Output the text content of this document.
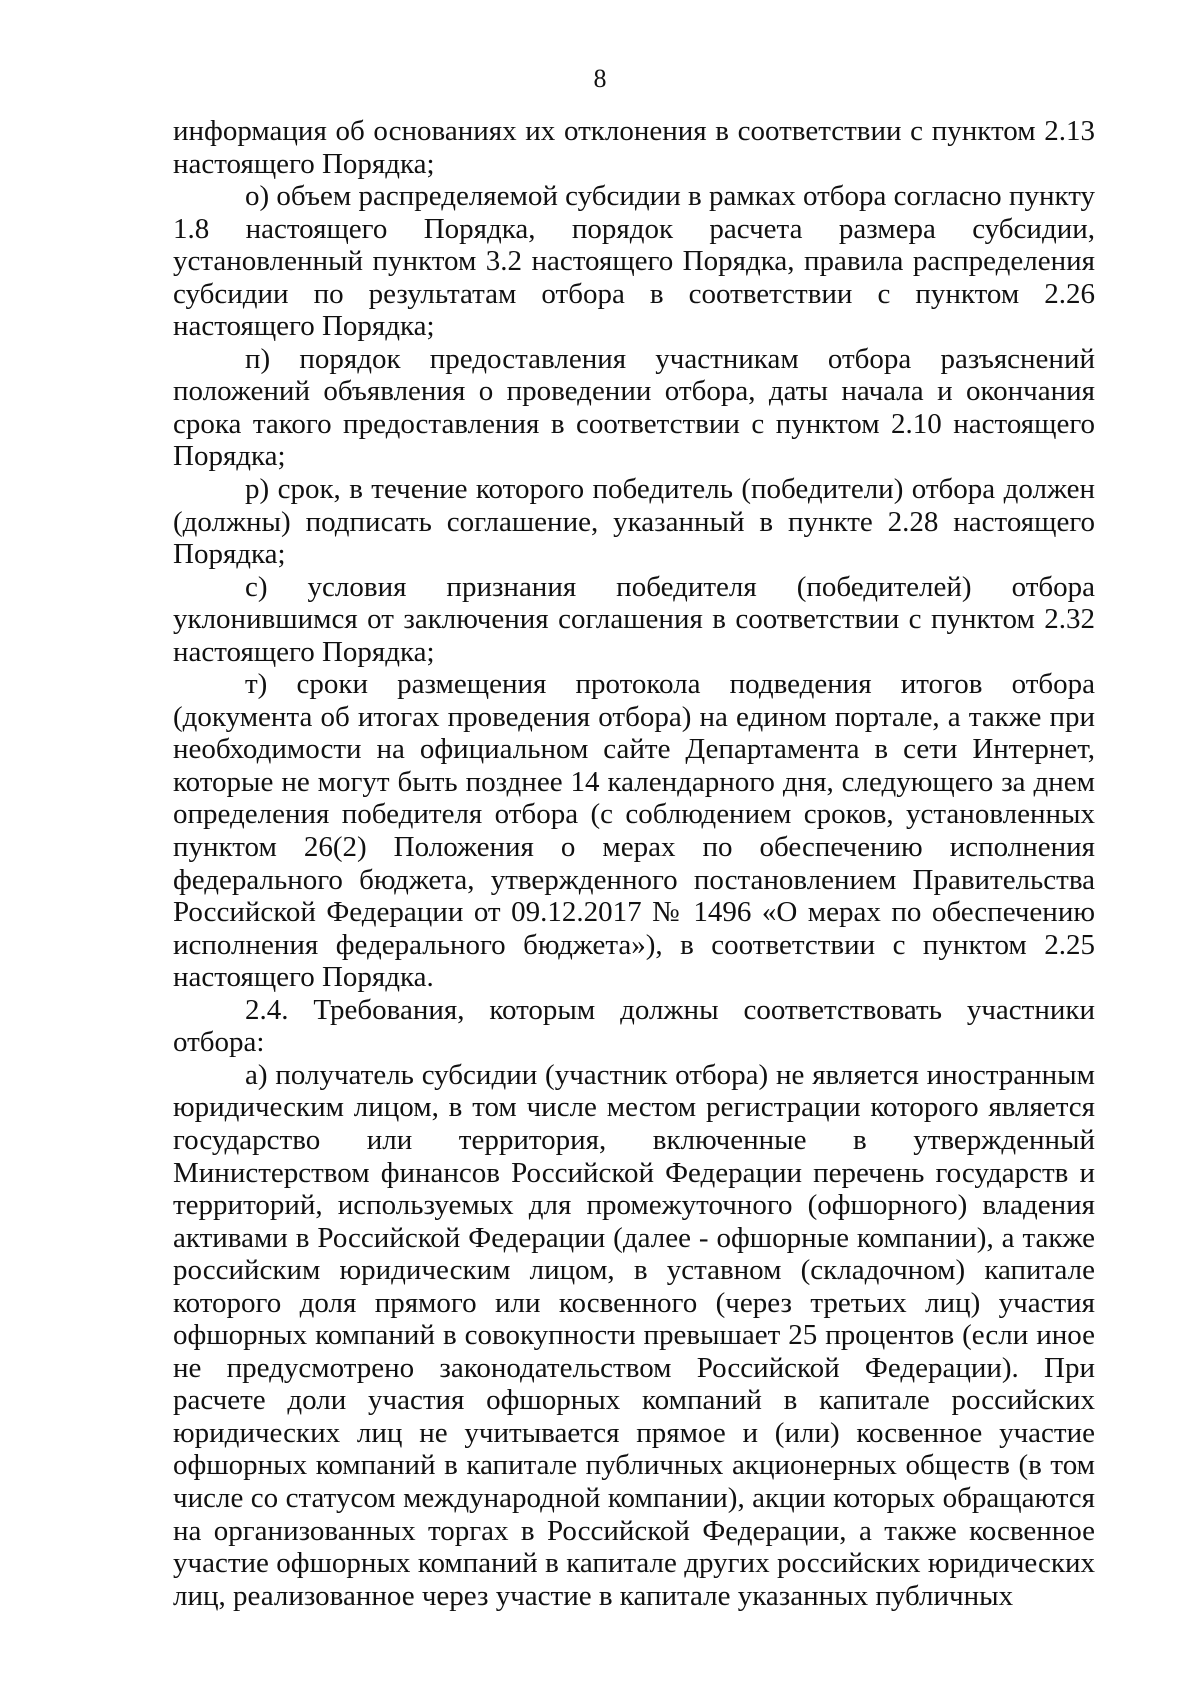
8

информация об основаниях их отклонения в соответствии с пунктом 2.13 настоящего Порядка;

о) объем распределяемой субсидии в рамках отбора согласно пункту 1.8 настоящего Порядка, порядок расчета размера субсидии, установленный пунктом 3.2 настоящего Порядка, правила распределения субсидии по результатам отбора в соответствии с пунктом 2.26 настоящего Порядка;

п) порядок предоставления участникам отбора разъяснений положений объявления о проведении отбора, даты начала и окончания срока такого предоставления в соответствии с пунктом 2.10 настоящего Порядка;

р) срок, в течение которого победитель (победители) отбора должен (должны) подписать соглашение, указанный в пункте 2.28 настоящего Порядка;

с) условия признания победителя (победителей) отбора уклонившимся от заключения соглашения в соответствии с пунктом 2.32 настоящего Порядка;

т) сроки размещения протокола подведения итогов отбора (документа об итогах проведения отбора) на едином портале, а также при необходимости на официальном сайте Департамента в сети Интернет, которые не могут быть позднее 14 календарного дня, следующего за днем определения победителя отбора (с соблюдением сроков, установленных пунктом 26(2) Положения о мерах по обеспечению исполнения федерального бюджета, утвержденного постановлением Правительства Российской Федерации от 09.12.2017 № 1496 «О мерах по обеспечению исполнения федерального бюджета»), в соответствии с пунктом 2.25 настоящего Порядка.

2.4. Требования, которым должны соответствовать участники отбора:

а) получатель субсидии (участник отбора) не является иностранным юридическим лицом, в том числе местом регистрации которого является государство или территория, включенные в утвержденный Министерством финансов Российской Федерации перечень государств и территорий, используемых для промежуточного (офшорного) владения активами в Российской Федерации (далее - офшорные компании), а также российским юридическим лицом, в уставном (складочном) капитале которого доля прямого или косвенного (через третьих лиц) участия офшорных компаний в совокупности превышает 25 процентов (если иное не предусмотрено законодательством Российской Федерации). При расчете доли участия офшорных компаний в капитале российских юридических лиц не учитывается прямое и (или) косвенное участие офшорных компаний в капитале публичных акционерных обществ (в том числе со статусом международной компании), акции которых обращаются на организованных торгах в Российской Федерации, а также косвенное участие офшорных компаний в капитале других российских юридических лиц, реализованное через участие в капитале указанных публичных
